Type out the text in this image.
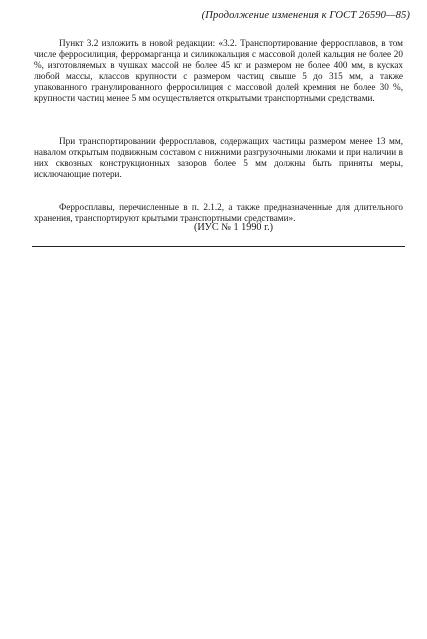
(Продолжение изменения к ГОСТ 26590—85)

Пункт 3.2 изложить в новой редакции: «3.2. Транспортирование ферросплавов, в том числе ферросилиция, ферромарганца и силикокальция с массовой долей кальция не более 20 %, изготовляемых в чушках массой не более 45 кг и размером не более 400 мм, в кусках любой массы, классов крупности с размером частиц свыше 5 до 315 мм, а также упакованного гранулированного ферросилиция с массовой долей кремния не более 30 %, крупности частиц менее 5 мм осуществляется открытыми транспортными средствами.

При транспортировании ферросплавов, содержащих частицы размером менее 13 мм, навалом открытым подвижным составом с нижними разгрузочными люками и при наличии в них сквозных конструкционных зазоров более 5 мм должны быть приняты меры, исключающие потери.

Ферросплавы, перечисленные в п. 2.1.2, а также предназначенные для длительного хранения, транспортируют крытыми транспортными средствами».

(ИУС № 1 1990 г.)
